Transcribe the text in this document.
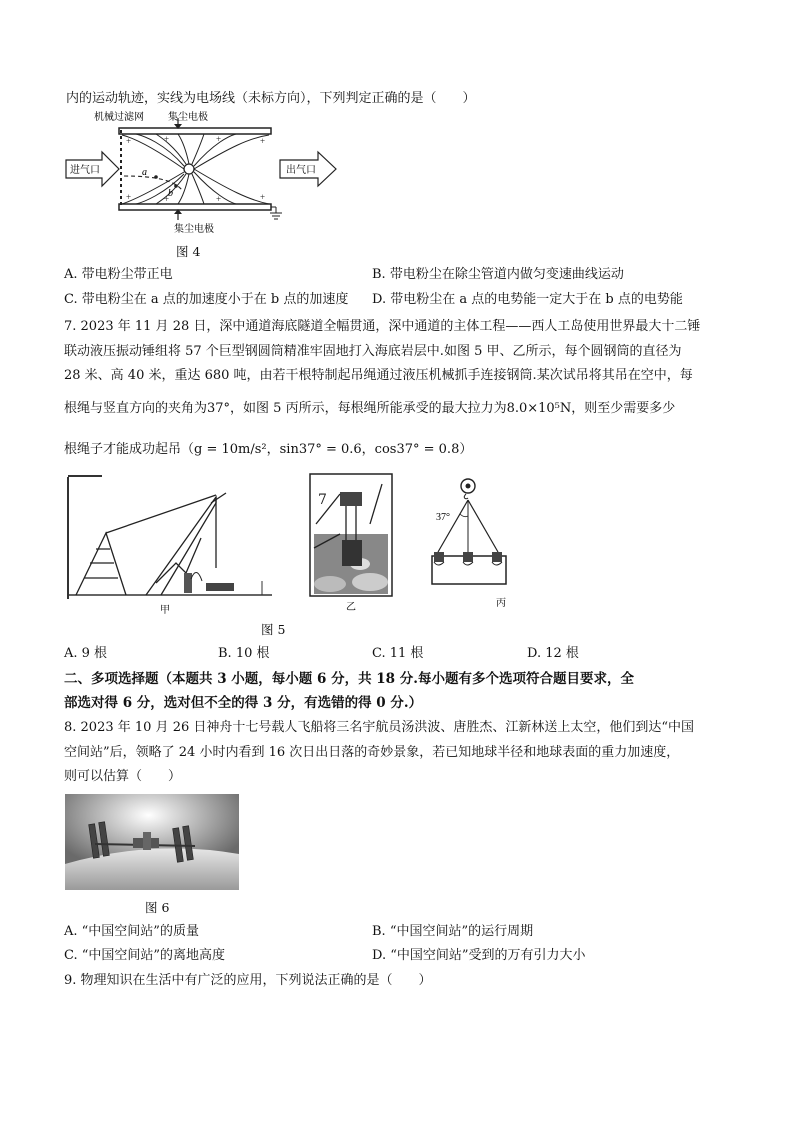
内的运动轨迹，实线为电场线（未标方向），下列判定正确的是（　　）
+
+
+
+
+	+
+	+
机械过滤网 集尘电极
集尘电极
进气口	出气口
a
b
图 4
A. 带电粉尘带正电	B. 带电粉尘在除尘管道内做匀变速曲线运动
C. 带电粉尘在 a 点的加速度小于在 b 点的加速度 D. 带电粉尘在 a 点的电势能一定大于在 b 点的电势能
7. 2023 年 11 月 28 日，深中通道海底隧道全幅贯通，深中通道的主体工程——西人工岛使用世界最大十二锤
联动液压振动锤组将 57 个巨型钢圆筒精准牢固地打入海底岩层中.如图 5 甲、乙所示，每个圆钢筒的直径为
28 米、高 40 米，重达 680 吨，由若干根特制起吊绳通过液压机械抓手连接钢筒.某次试吊将其吊在空中，每
根绳与竖直方向的夹角为37°，如图 5 丙所示，每根绳所能承受的最大拉力为8.0×10⁵N，则至少需要多少
根绳子才能成功起吊（g = 10m/s²，sin37° = 0.6，cos37° = 0.8）
甲
7
乙
37°
丙
图 5
A. 9 根	B. 10 根	C. 11 根	D. 12 根
二、多项选择题（本题共 3 小题，每小题 6 分，共 18 分.每小题有多个选项符合题目要求，全
部选对得 6 分，选对但不全的得 3 分，有选错的得 0 分.）
8. 2023 年 10 月 26 日神舟十七号载人飞船将三名宇航员汤洪波、唐胜杰、江新林送上太空，他们到达“中国
空间站”后，领略了 24 小时内看到 16 次日出日落的奇妙景象，若已知地球半径和地球表面的重力加速度，
则可以估算（　　）
图 6
A. “中国空间站”的质量	B. “中国空间站”的运行周期
C. “中国空间站”的离地高度	D. “中国空间站”受到的万有引力大小
9. 物理知识在生活中有广泛的应用，下列说法正确的是（　　）
